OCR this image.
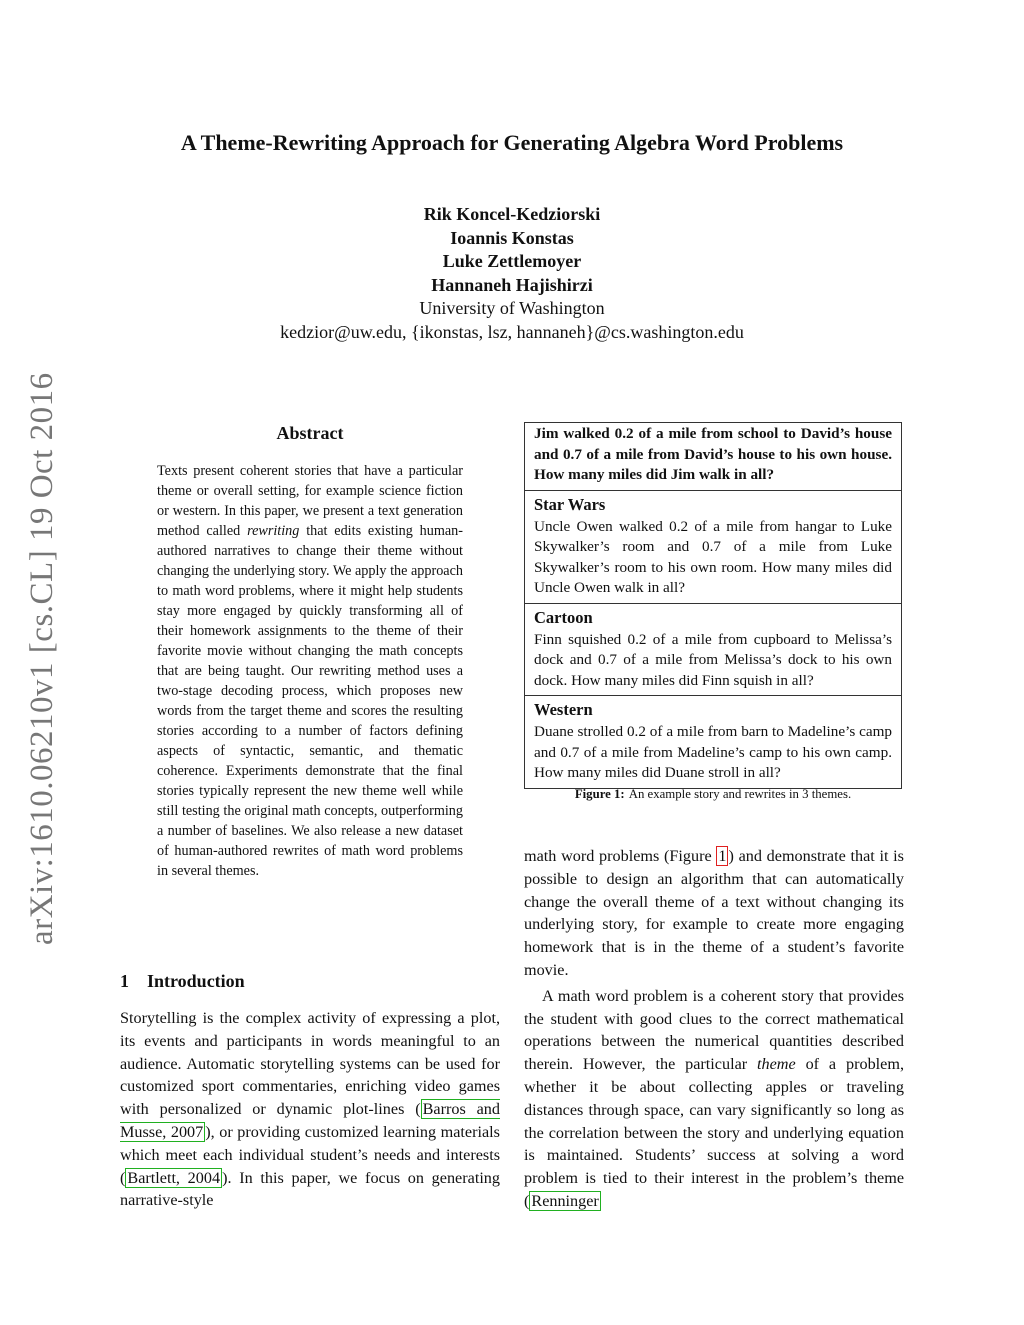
A Theme-Rewriting Approach for Generating Algebra Word Problems
Rik Koncel-Kedziorski
Ioannis Konstas
Luke Zettlemoyer
Hannaneh Hajishirzi
University of Washington
kedzior@uw.edu, {ikonstas, lsz, hannaneh}@cs.washington.edu
arXiv:1610.06210v1 [cs.CL] 19 Oct 2016	Abstract
Texts present coherent stories that have a particular theme or overall setting, for example science fiction or western. In this paper, we present a text generation method called rewriting that edits existing human-authored narratives to change their theme without changing the underlying story. We apply the approach to math word problems, where it might help students stay more engaged by quickly transforming all of their homework assignments to the theme of their favorite movie without changing the math concepts that are being taught. Our rewriting method uses a two-stage decoding process, which proposes new words from the target theme and scores the resulting stories according to a number of factors defining aspects of syntactic, semantic, and thematic coherence. Experiments demonstrate that the final stories typically represent the new theme well while still testing the original math concepts, outperforming a number of baselines. We also release a new dataset of human-authored rewrites of math word problems in several themes.
1 Introduction
Storytelling is the complex activity of expressing a plot, its events and participants in words meaningful to an audience. Automatic storytelling systems can be used for customized sport commentaries, enriching video games with personalized or dynamic plot-lines ( Barros and Musse, 2007 ), or providing customized learning materials which meet each individual student’s needs and interests ( Bartlett, 2004 ). In this paper, we focus on generating narrative-style
Jim walked 0.2 of a mile from school to David’s house and 0.7 of a mile from David’s house to his own house. How many miles did Jim walk in all?
Star Wars
Uncle Owen walked 0.2 of a mile from hangar to Luke Skywalker’s room and 0.7 of a mile from Luke Skywalker’s room to his own room. How many miles did Uncle Owen walk in all?
Cartoon
Finn squished 0.2 of a mile from cupboard to Melissa’s dock and 0.7 of a mile from Melissa’s dock to his own dock. How many miles did Finn squish in all?
Western
Duane strolled 0.2 of a mile from barn to Madeline’s camp and 0.7 of a mile from Madeline’s camp to his own camp. How many miles did Duane stroll in all?
Figure 1: An example story and rewrites in 3 themes.

math word problems (Figure 1 ) and demonstrate that it is possible to design an algorithm that can automatically change the overall theme of a text without changing its underlying story, for example to create more engaging homework that is in the theme of a student’s favorite movie.

A math word problem is a coherent story that provides the student with good clues to the correct mathematical operations between the numerical quantities described therein. However, the particular theme of a problem, whether it be about collecting apples or traveling distances through space, can vary significantly so long as the correlation between the story and underlying equation is maintained. Students’ success at solving a word problem is tied to their interest in the problem’s theme ( Renninger
